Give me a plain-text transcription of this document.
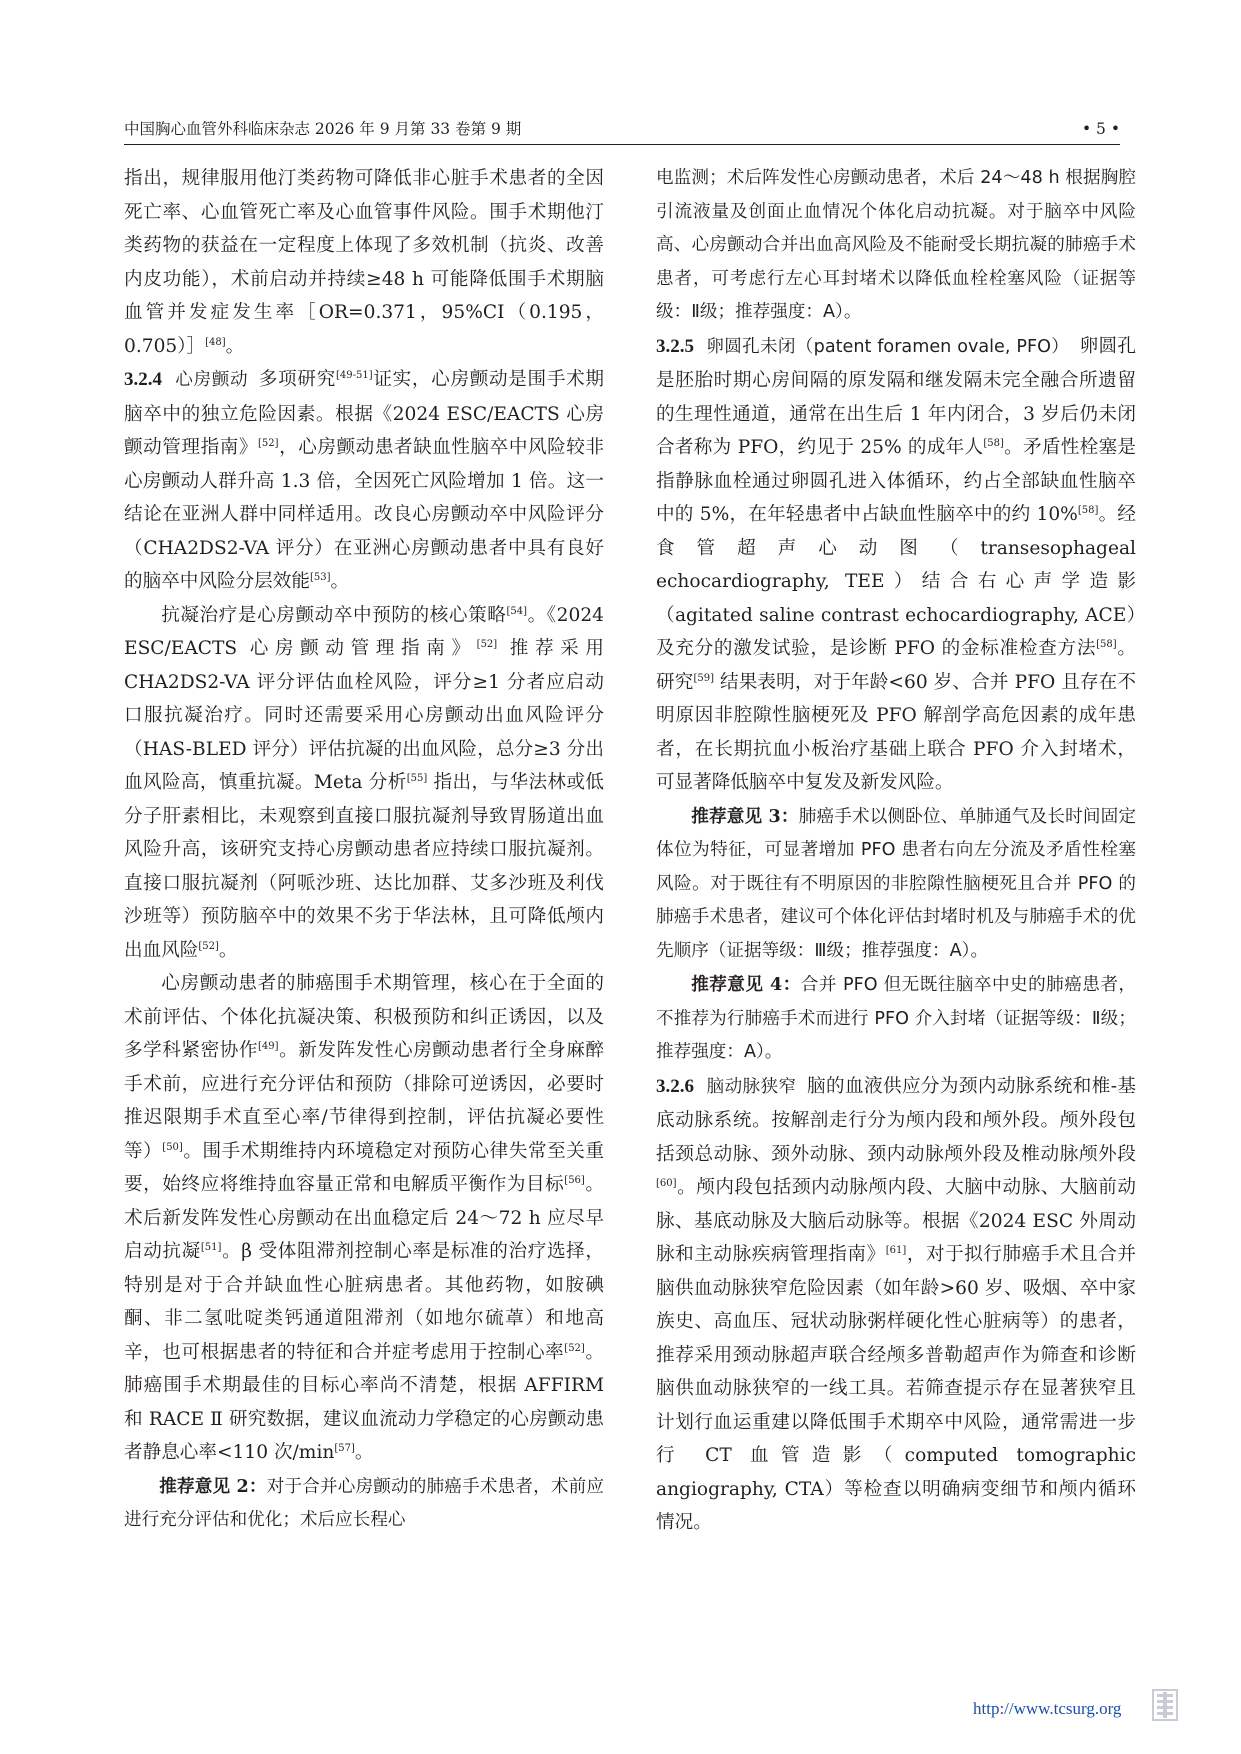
中国胸心血管外科临床杂志 2026 年 9 月第 33 卷第 9 期	• 5 •

指出，规律服用他汀类药物可降低非心脏手术患者的全因死亡率、心血管死亡率及心血管事件风险。围手术期他汀类药物的获益在一定程度上体现了多效机制（抗炎、改善内皮功能），术前启动并持续≥48 h 可能降低围手术期脑血管并发症发生率［OR=0.371，95%CI（0.195，0.705）］[48]。

3.2.4 心房颤动 多项研究[49-51]证实，心房颤动是围手术期脑卒中的独立危险因素。根据《2024 ESC/EACTS 心房颤动管理指南》[52]，心房颤动患者缺血性脑卒中风险较非心房颤动人群升高 1.3 倍，全因死亡风险增加 1 倍。这一结论在亚洲人群中同样适用。改良心房颤动卒中风险评分（CHA2DS2-VA 评分）在亚洲心房颤动患者中具有良好的脑卒中风险分层效能[53]。

抗凝治疗是心房颤动卒中预防的核心策略[54]。《2024 ESC/EACTS 心房颤动管理指南》[52] 推荐采用 CHA2DS2-VA 评分评估血栓风险，评分≥1 分者应启动口服抗凝治疗。同时还需要采用心房颤动出血风险评分（HAS-BLED 评分）评估抗凝的出血风险，总分≥3 分出血风险高，慎重抗凝。Meta 分析[55] 指出，与华法林或低分子肝素相比，未观察到直接口服抗凝剂导致胃肠道出血风险升高，该研究支持心房颤动患者应持续口服抗凝剂。直接口服抗凝剂（阿哌沙班、达比加群、艾多沙班及利伐沙班等）预防脑卒中的效果不劣于华法林，且可降低颅内出血风险[52]。

心房颤动患者的肺癌围手术期管理，核心在于全面的术前评估、个体化抗凝决策、积极预防和纠正诱因，以及多学科紧密协作[49]。新发阵发性心房颤动患者行全身麻醉手术前，应进行充分评估和预防（排除可逆诱因，必要时推迟限期手术直至心率/节律得到控制，评估抗凝必要性等）[50]。围手术期维持内环境稳定对预防心律失常至关重要，始终应将维持血容量正常和电解质平衡作为目标[56]。术后新发阵发性心房颤动在出血稳定后 24～72 h 应尽早启动抗凝[51]。β 受体阻滞剂控制心率是标准的治疗选择，特别是对于合并缺血性心脏病患者。其他药物，如胺碘酮、非二氢吡啶类钙通道阻滞剂（如地尔硫䓬）和地高辛，也可根据患者的特征和合并症考虑用于控制心率[52]。肺癌围手术期最佳的目标心率尚不清楚，根据 AFFIRM 和 RACE Ⅱ 研究数据，建议血流动力学稳定的心房颤动患者静息心率<110 次/min[57]。

推荐意见 2：对于合并心房颤动的肺癌手术患者，术前应进行充分评估和优化；术后应长程心

电监测；术后阵发性心房颤动患者，术后 24～48 h 根据胸腔引流液量及创面止血情况个体化启动抗凝。对于脑卒中风险高、心房颤动合并出血高风险及不能耐受长期抗凝的肺癌手术患者，可考虑行左心耳封堵术以降低血栓栓塞风险（证据等级：Ⅱ级；推荐强度：A）。

3.2.5 卵圆孔未闭（patent foramen ovale, PFO） 卵圆孔是胚胎时期心房间隔的原发隔和继发隔未完全融合所遗留的生理性通道，通常在出生后 1 年内闭合，3 岁后仍未闭合者称为 PFO，约见于 25% 的成年人[58]。矛盾性栓塞是指静脉血栓通过卵圆孔进入体循环，约占全部缺血性脑卒中的 5%，在年轻患者中占缺血性脑卒中的约 10%[58]。经食管超声心动图（transesophageal echocardiography, TEE）结合右心声学造影（agitated saline contrast echocardiography, ACE）及充分的激发试验，是诊断 PFO 的金标准检查方法[58]。研究[59] 结果表明，对于年龄<60 岁、合并 PFO 且存在不明原因非腔隙性脑梗死及 PFO 解剖学高危因素的成年患者，在长期抗血小板治疗基础上联合 PFO 介入封堵术，可显著降低脑卒中复发及新发风险。

推荐意见 3：肺癌手术以侧卧位、单肺通气及长时间固定体位为特征，可显著增加 PFO 患者右向左分流及矛盾性栓塞风险。对于既往有不明原因的非腔隙性脑梗死且合并 PFO 的肺癌手术患者，建议可个体化评估封堵时机及与肺癌手术的优先顺序（证据等级：Ⅲ级；推荐强度：A）。

推荐意见 4：合并 PFO 但无既往脑卒中史的肺癌患者，不推荐为行肺癌手术而进行 PFO 介入封堵（证据等级：Ⅱ级；推荐强度：A）。

3.2.6 脑动脉狭窄 脑的血液供应分为颈内动脉系统和椎-基底动脉系统。按解剖走行分为颅内段和颅外段。颅外段包括颈总动脉、颈外动脉、颈内动脉颅外段及椎动脉颅外段[60]。颅内段包括颈内动脉颅内段、大脑中动脉、大脑前动脉、基底动脉及大脑后动脉等。根据《2024 ESC 外周动脉和主动脉疾病管理指南》[61]，对于拟行肺癌手术且合并脑供血动脉狭窄危险因素（如年龄>60 岁、吸烟、卒中家族史、高血压、冠状动脉粥样硬化性心脏病等）的患者，推荐采用颈动脉超声联合经颅多普勒超声作为筛查和诊断脑供血动脉狭窄的一线工具。若筛查提示存在显著狭窄且计划行血运重建以降低围手术期卒中风险，通常需进一步行 CT 血管造影（computed tomographic angiography, CTA）等检查以明确病变细节和颅内循环情况。

http://www.tcsurg.org
